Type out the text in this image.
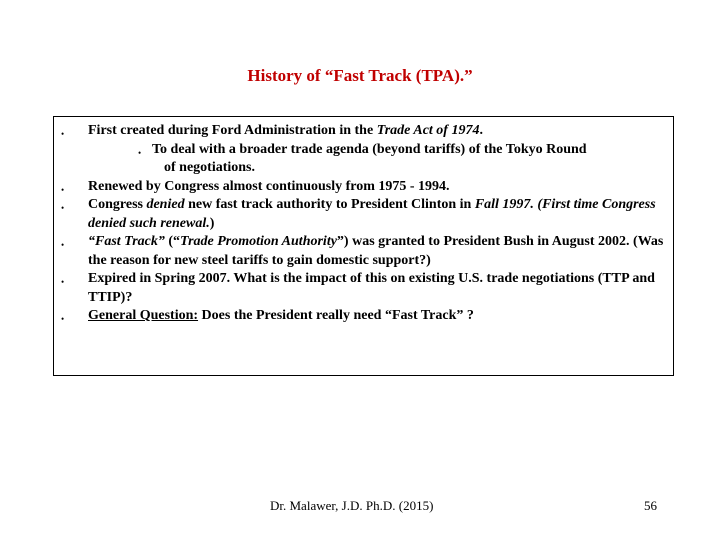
History of “Fast Track (TPA).”
• First created during Ford Administration in the Trade Act of 1974.
• To deal with a broader trade agenda (beyond tariffs) of the Tokyo Round
of negotiations.
• Renewed by Congress almost continuously from 1975 - 1994.
• Congress denied new fast track authority to President Clinton in Fall 1997. (First time Congress denied such renewal.)
• “Fast Track” (“Trade Promotion Authority”) was granted to President Bush in August 2002. (Was the reason for new steel tariffs to gain domestic support?)
• Expired in Spring 2007. What is the impact of this on existing U.S. trade negotiations (TTP and TTIP)?
• General Question: Does the President really need “Fast Track” ?
Dr. Malawer, J.D. Ph.D. (2015)	56
